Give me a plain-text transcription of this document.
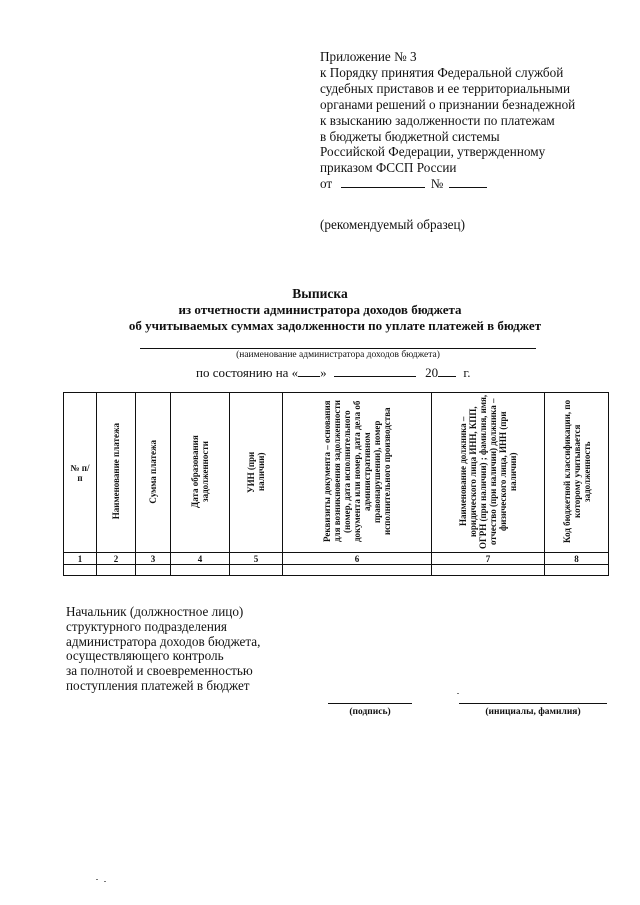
Приложение № 3
к Порядку принятия Федеральной службой
судебных приставов и ее территориальными
органами решений о признании безнадежной
к взысканию задолженности по платежам
в бюджеты бюджетной системы
Российской Федерации, утвержденному
приказом ФССП России
от	№
(рекомендуемый образец)
Выписка
из отчетности администратора доходов бюджета
об учитываемых суммах задолженности по уплате платежей в бюджет
(наименование администратора доходов бюджета)
по состоянию на « »	20 г.
№ п/п	Наименование платежа	Сумма платежа	Дата образования задолженности	УИН (при наличии)	Реквизиты документа – основания для возникновения задолженности (номер, дата исполнительного документа или номер, дата дела об административном правонарушении), номер исполнительного производства	Наименование должника – юридического лица ИНН, КПП, ОГРН (при наличии) ; фамилия, имя, отчество (при наличии) должника – физического лица, ИНН (при наличии)	Код бюджетной классификации, по которому учитывается задолженность
1	2	3	4	5	6	7	8

Начальник (должностное лицо)
структурного подразделения
администратора доходов бюджета,
осуществляющего контроль
за полнотой и своевременностью
поступления платежей в бюджет
(подпись)	(инициалы, фамилия)
